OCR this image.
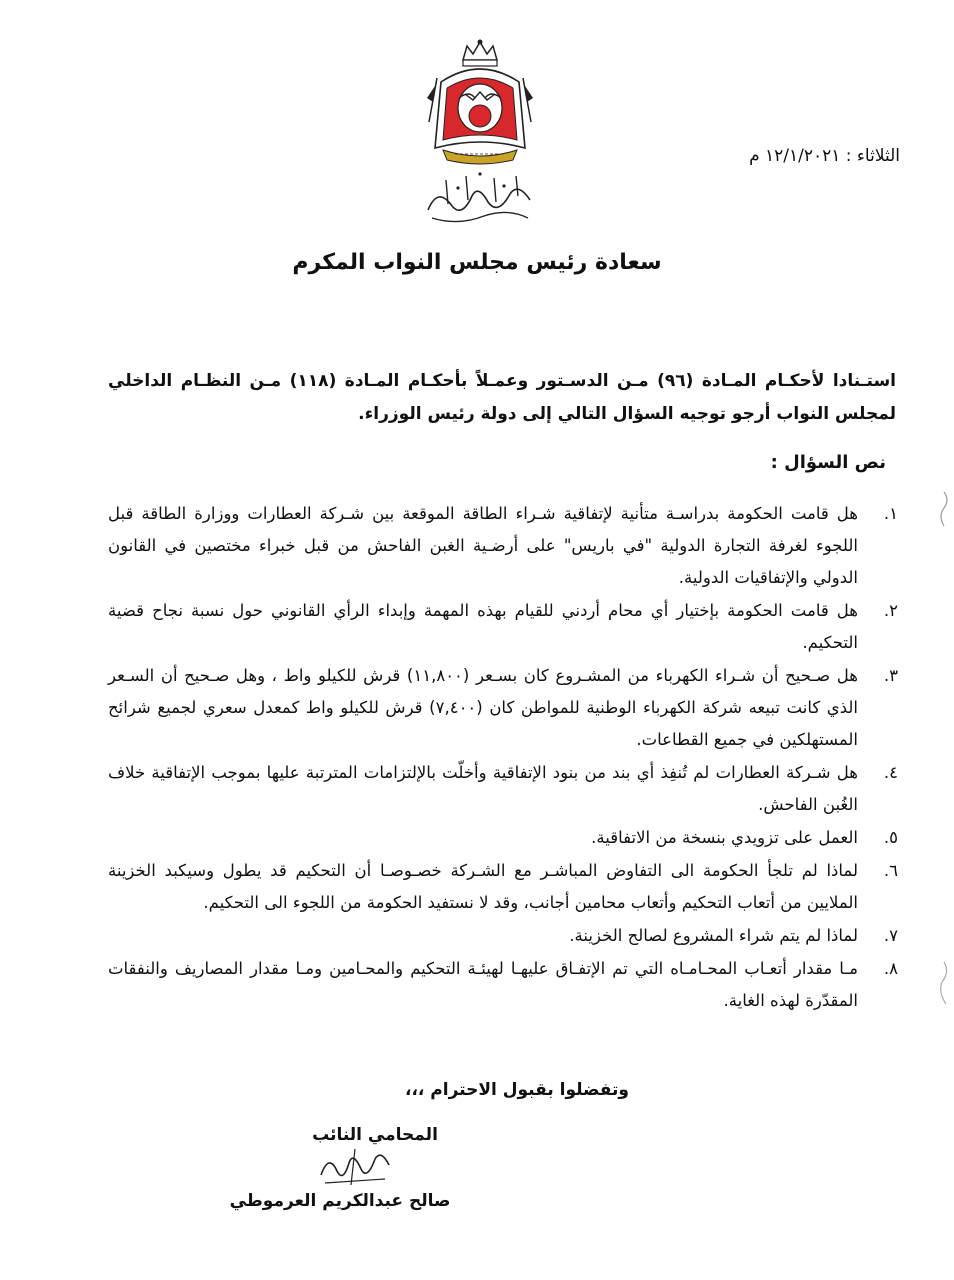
الثلاثاء : ١٢/١/٢٠٢١ م
سعادة رئيس مجلس النواب المكرم
استـنادا لأحكـام المـادة (٩٦) مـن الدسـتور وعمـلاً بأحكـام المـادة (١١٨) مـن النظـام الداخلي لمجلس النواب أرجو توجيه السؤال التالي إلى دولة رئيس الوزراء.
نص السؤال :
١.
هل قامت الحكومة بدراسـة متأنية لإتفاقية شـراء الطاقة الموقعة بين شـركة العطارات ووزارة الطاقة قبل اللجوء لغرفة التجارة الدولية "في باريس" على أرضـية الغبن الفاحش من قبل خبراء مختصين في القانون الدولي والإتفاقيات الدولية.
٢.
هل قامت الحكومة بإختيار أي محام أردني للقيام بهذه المهمة وإبداء الرأي القانوني حول نسبة نجاح قضية التحكيم.
٣.
هل صـحيح أن شـراء الكهرباء من المشـروع كان بسـعر (١١,٨٠٠) قرش للكيلو واط ، وهل صـحيح أن السـعر الذي كانت تبيعه شركة الكهرباء الوطنية للمواطن كان (٧,٤٠٠) قرش للكيلو واط كمعدل سعري لجميع شرائح المستهلكين في جميع القطاعات.
٤.
هل شـركة العطارات لم تُنفِذ أي بند من بنود الإتفاقية وأخلّت بالإلتزامات المترتبة عليها بموجب الإتفاقية خلاف الغُبن الفاحش.
٥.
العمل على تزويدي بنسخة من الاتفاقية.
٦.
لماذا لم تلجأ الحكومة الى التفاوض المباشـر مع الشـركة خصـوصـا أن التحكيم قد يطول وسيكبد الخزينة الملايين من أتعاب التحكيم وأتعاب محامين أجانب، وقد لا نستفيد الحكومة من اللجوء الى التحكيم.
٧.
لماذا لم يتم شراء المشروع لصالح الخزينة.
٨.
مـا مقدار أتعـاب المحـامـاه التي تم الإتفـاق عليهـا لهيئـة التحكيم والمحـامين ومـا مقدار المصاريف والنفقات المقدّرة لهذه الغاية.
وتفضلوا بقبول الاحترام ،،،
المحامي النائب
صالح عبدالكريم العرموطي
